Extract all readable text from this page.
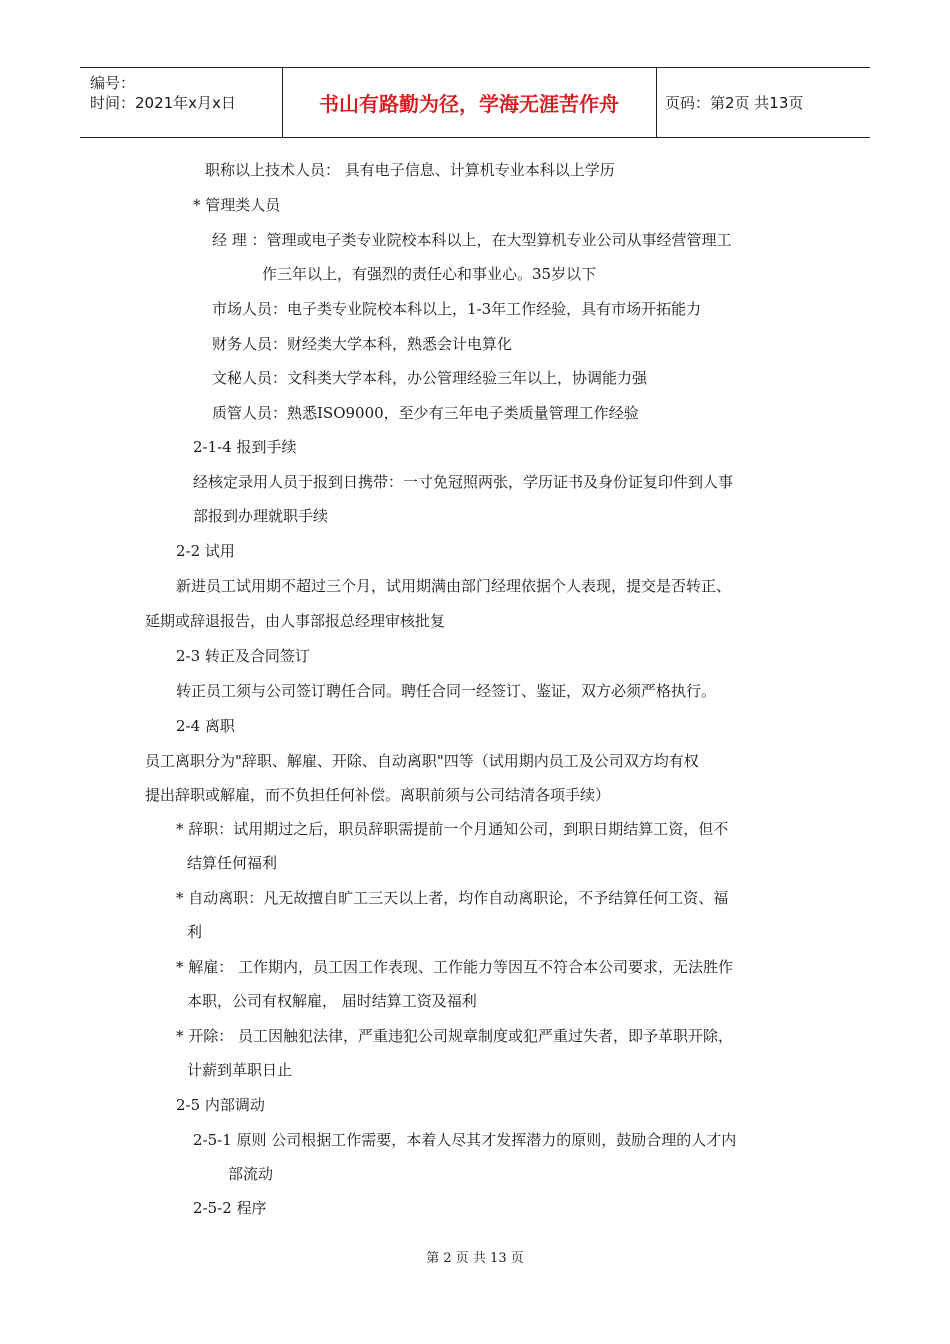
编号：
时间：2021年x月x日	书山有路勤为径，学海无涯苦作舟	页码：第2页 共13页
职称以上技术人员： 具有电子信息、计算机专业本科以上学历
* 管理类人员
经 理 ：管理或电子类专业院校本科以上，在大型算机专业公司从事经营管理工
作三年以上，有强烈的责任心和事业心。35岁以下
市场人员：电子类专业院校本科以上，1-3年工作经验，具有市场开拓能力
财务人员：财经类大学本科，熟悉会计电算化
文秘人员：文科类大学本科，办公管理经验三年以上，协调能力强
质管人员：熟悉ISO9000，至少有三年电子类质量管理工作经验
2-1-4 报到手续
经核定录用人员于报到日携带：一寸免冠照两张，学历证书及身份证复印件到人事
部报到办理就职手续
2-2 试用
新进员工试用期不超过三个月，试用期满由部门经理依据个人表现，提交是否转正、
延期或辞退报告，由人事部报总经理审核批复
2-3 转正及合同签订
转正员工须与公司签订聘任合同。聘任合同一经签订、鉴证，双方必须严格执行。
2-4 离职
员工离职分为"辞职、解雇、开除、自动离职"四等（试用期内员工及公司双方均有权
提出辞职或解雇，而不负担任何补偿。离职前须与公司结清各项手续）
* 辞职：试用期过之后，职员辞职需提前一个月通知公司，到职日期结算工资，但不
结算任何福利
* 自动离职：凡无故擅自旷工三天以上者，均作自动离职论，不予结算任何工资、福
利
* 解雇： 工作期内，员工因工作表现、工作能力等因互不符合本公司要求，无法胜作
本职，公司有权解雇， 届时结算工资及福利
* 开除： 员工因触犯法律，严重违犯公司规章制度或犯严重过失者，即予革职开除，
计薪到革职日止
2-5 内部调动
2-5-1 原则 公司根据工作需要，本着人尽其才发挥潜力的原则，鼓励合理的人才内
部流动
2-5-2 程序
第 2 页 共 13 页
